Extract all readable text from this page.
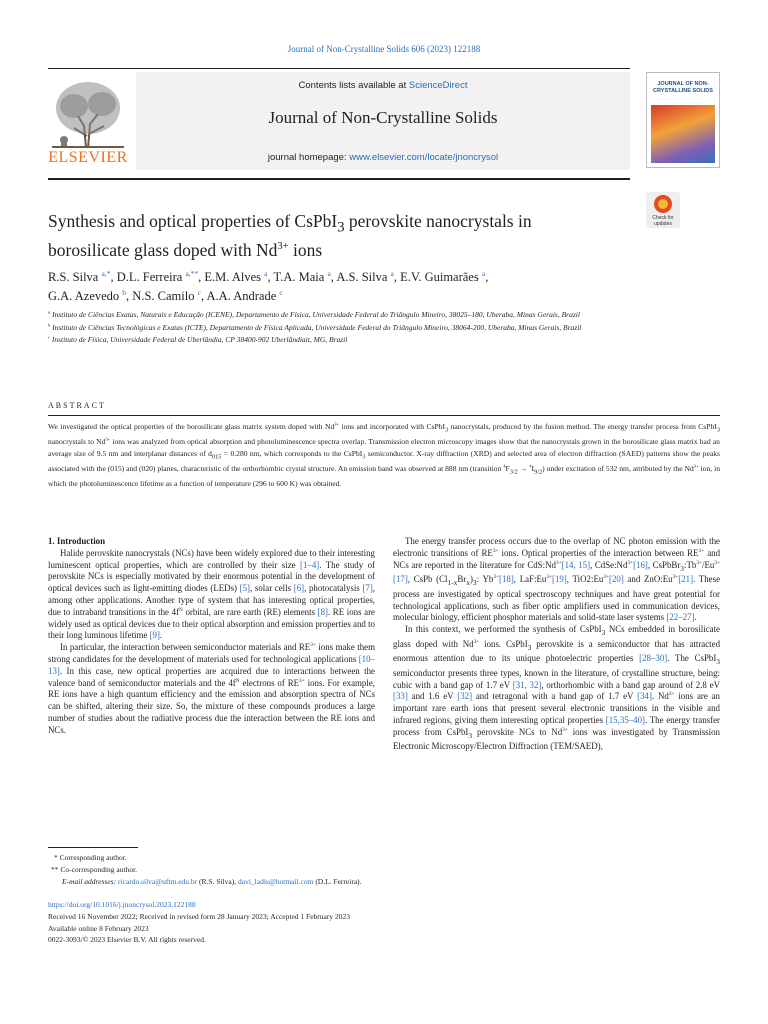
Journal of Non-Crystalline Solids 606 (2023) 122188
ELSEVIER
Contents lists available at ScienceDirect
Journal of Non-Crystalline Solids
journal homepage: www.elsevier.com/locate/jnoncrysol
JOURNAL OF NON-CRYSTALLINE SOLIDS
Synthesis and optical properties of CsPbI$_3$ perovskite nanocrystals in borosilicate glass doped with $Nd^{3+}$ ions
Check for updates
R.S. Silva $^{a,*}$, D.L. Ferreira $^{a,**}$, E.M. Alves $^a$, T.A. Maia $^a$, A.S. Silva $^a$, E.V. Guimarães $^a$,
G.A. Azevedo $^b$, N.S. Camilo $^c$, A.A. Andrade $^c$
$^a$ Instituto de Ciências Exatas, Naturais e Educação (ICENE), Departamento de Física, Universidade Federal do Triângulo Mineiro, 38025–180, Uberaba, Minas Gerais, Brazil
$^b$ Instituto de Ciências Tecnológicas e Exatas (ICTE), Departamento de Física Aplicada, Universidade Federal do Triângulo Mineiro, 38064-200, Uberaba, Minas Gerais, Brazil
$^c$ Instituto de Física, Universidade Federal de Uberlândia, CP 38400-902 Uberlândiait, MG, Brazil
ABSTRACT
We investigated the optical properties of the borosilicate glass matrix system doped with $Nd^{3+}$ ions and incorporated with CsPbI$_3$ nanocrystals, produced by the fusion method. The energy transfer process from CsPbI$_3$ nanocrystals to $Nd^{3+}$ ions was analyzed from optical absorption and photoluminescence spectra overlap. Transmission electron microscopy images show that the nanocrystals grown in the borosilicate glass matrix had an average size of 9.5 nm and interplanar distances of $d_{015} = 0.280$ nm, which corresponds to the CsPbI$_3$ semiconductor. X-ray diffraction (XRD) and selected area of electron diffraction (SAED) patterns show the peaks associated with the (015) and (020) planes, characteristic of the orthorhombic crystal structure. An emission band was observed at 888 nm (transition $^4F_{3/2} \to ^4I_{9/2}$) under excitation of 532 nm, attributed by the $Nd^{3+}$ ion, in which the photoluminescence lifetime as a function of temperature (296 to 600 K) was obtained.

1. Introduction

Halide perovskite nanocrystals (NCs) have been widely explored due to their interesting luminescent optical properties, which are controlled by their size [1–4]. The study of perovskite NCs is especially motivated by their enormous potential in the development of optical devices such as light-emitting diodes (LEDs) [5], solar cells [6], photocatalysis [7], among other applications. Another type of system that has interesting optical properties, due to intraband transitions in the $4f^N$ orbital, are rare earth (RE) elements [8]. RE ions are widely used as optical devices due to their optical absorption and emission properties and to their long luminous lifetime [9].

In particular, the interaction between semiconductor materials and $RE^{3+}$ ions make them strong candidates for the development of materials used for technological applications [10–13]. In this case, new optical properties are acquired due to interactions between the valence band of semiconductor materials and the $4f^N$ electrons of $RE^{3+}$ ions. For example, RE ions have a high quantum efficiency and the emission and absorption spectra of NCs can be shifted, altering their size. So, the mixture of these compounds produces a large number of studies about the radiative process due the interaction between the RE ions and NCs.

The energy transfer process occurs due to the overlap of NC photon emission with the electronic transitions of $RE^{3+}$ ions. Optical properties of the interaction between $RE^{3+}$ and NCs are reported in the literature for $CdS:Nd^{3+}[14$, 15], $CdSe:Nd^{3+}[16]$, $CsPbBr_3:Tb^{3+}/Eu^{3+}[17]$, CsPb $(Cl_{1-x}Br_x)_3$: $Yb^{3+}[18]$, $LaF:Eu^{3+}[19]$, $TiO2:Eu^{3+}[20]$ and $ZnO:Eu^{3+}[21]$. These process are investigated by optical spectroscopy techniques and have great potential for technological applications, such as fiber optic amplifiers used in communication devices, molecular biology, efficient phosphor materials and solid-state laser systems [22–27].

In this context, we performed the synthesis of CsPbI$_3$ NCs embedded in borosilicate glass doped with $Nd^{3+}$ ions. CsPbI$_3$ perovskite is a semiconductor that has attracted enormous attention due to its unique photoelectric properties [28–30]. The CsPbI$_3$ semiconductor presents three types, known in the literature, of crystalline structure, being: cubic with a band gap of 1.7 eV [31, 32], orthorhombic with a band gap around of 2.8 eV [33] and 1.6 eV [32] and tetragonal with a band gap of 1.7 eV [34]. $Nd^{3+}$ ions are an important rare earth ions that present several electronic transitions in the visible and infrared regions, giving them interesting optical properties [15,35–40]. The energy transfer process from CsPbI$_3$ perovskite NCs to $Nd^{3+}$ ions was investigated by Transmission Electronic Microscopy/Electron Diffraction (TEM/SAED),

* Corresponding author.
** Co-corresponding author.
E-mail addresses: ricardo.silva@uftm.edu.br (R.S. Silva), davi_ladis@hotmail.com (D.L. Ferreira).
https://doi.org/10.1016/j.jnoncrysol.2023.122188
Received 16 November 2022; Received in revised form 28 January 2023; Accepted 1 February 2023
Available online 8 February 2023
0022-3093/© 2023 Elsevier B.V. All rights reserved.
